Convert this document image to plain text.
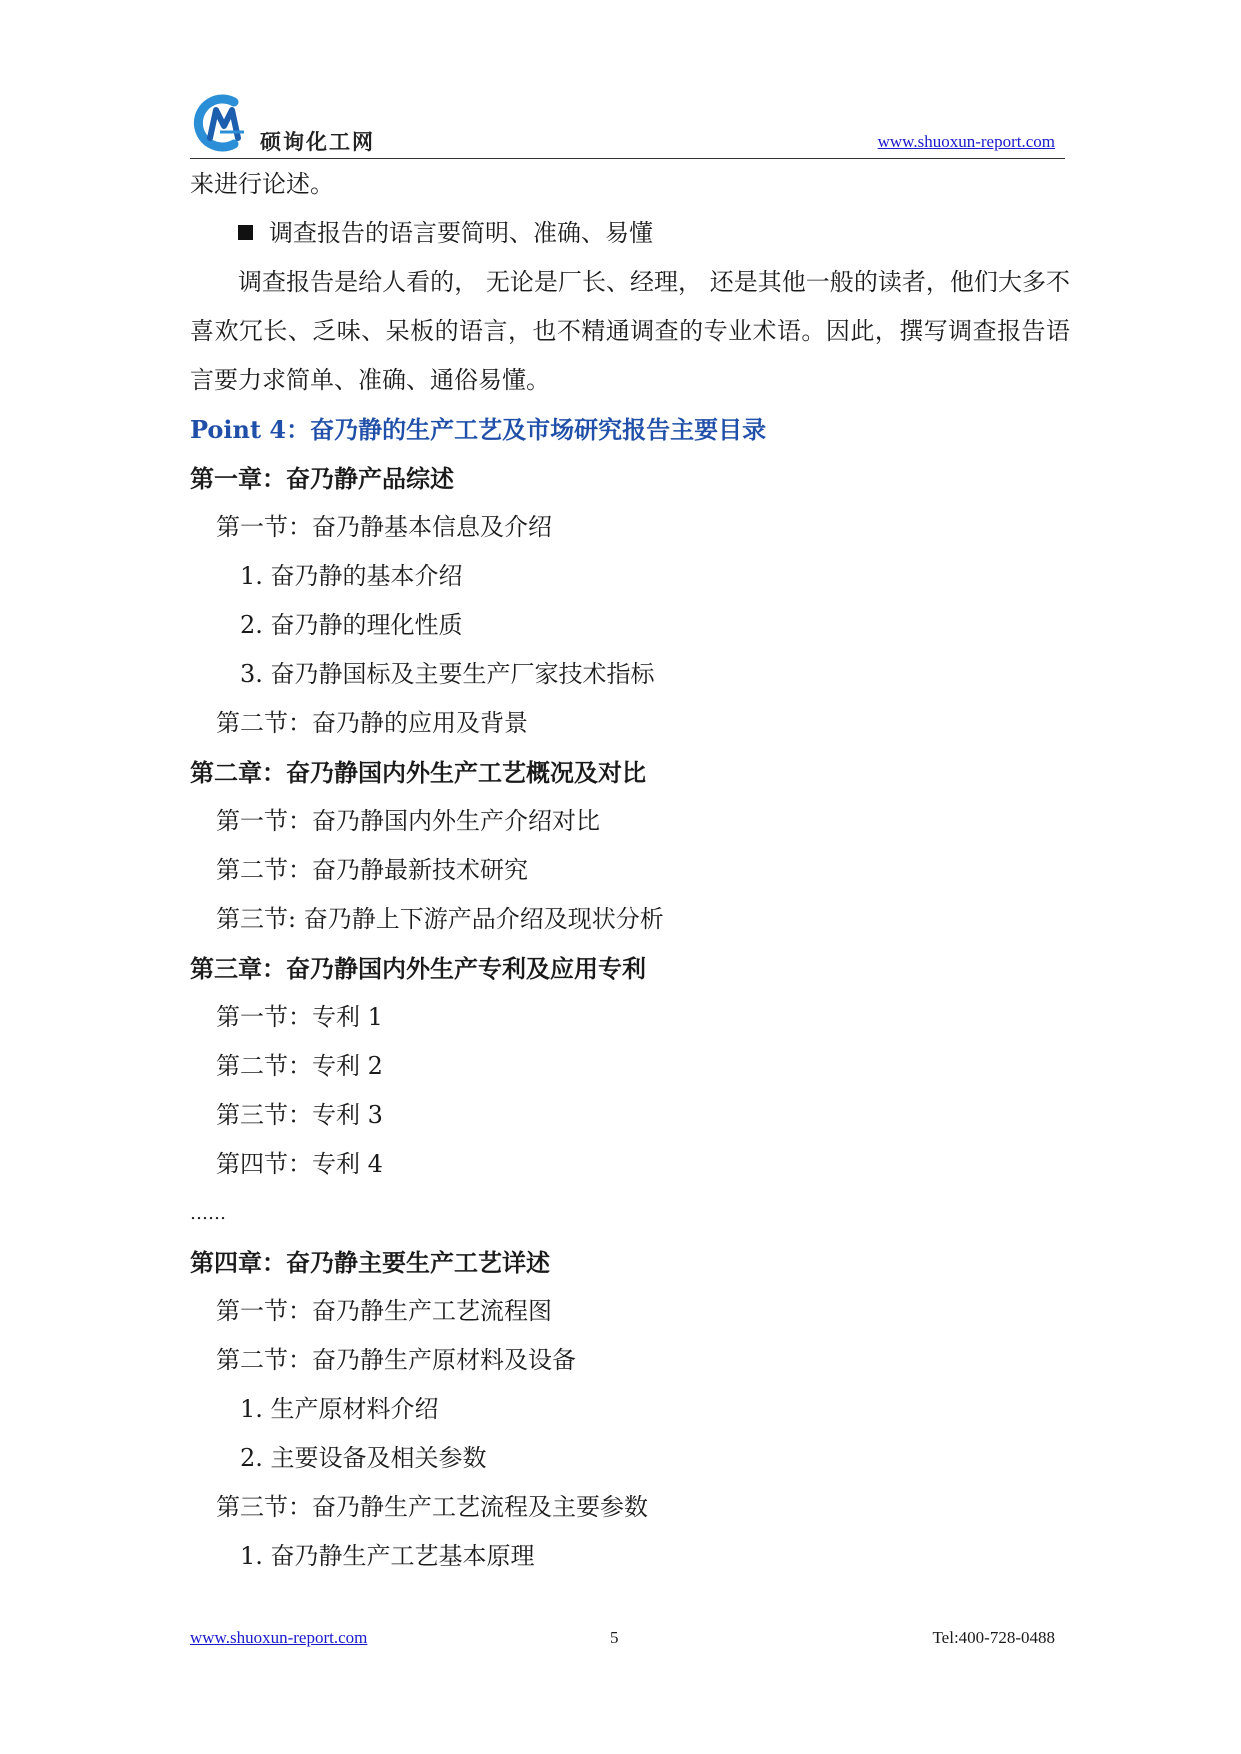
硕询化工网	www.shuoxun-report.com
来进行论述。
调查报告的语言要简明、准确、易懂
调查报告是给人看的， 无论是厂长、经理， 还是其他一般的读者，他们大多不喜欢冗长、乏味、呆板的语言，也不精通调查的专业术语。因此，撰写调查报告语言要力求简单、准确、通俗易懂。
Point 4：奋乃静的生产工艺及市场研究报告主要目录
第一章：奋乃静产品综述
第一节：奋乃静基本信息及介绍
1. 奋乃静的基本介绍
2. 奋乃静的理化性质
3. 奋乃静国标及主要生产厂家技术指标
第二节：奋乃静的应用及背景
第二章：奋乃静国内外生产工艺概况及对比
第一节：奋乃静国内外生产介绍对比
第二节：奋乃静最新技术研究
第三节: 奋乃静上下游产品介绍及现状分析
第三章：奋乃静国内外生产专利及应用专利
第一节：专利 1
第二节：专利 2
第三节：专利 3
第四节：专利 4
……
第四章：奋乃静主要生产工艺详述
第一节：奋乃静生产工艺流程图
第二节：奋乃静生产原材料及设备
1. 生产原材料介绍
2. 主要设备及相关参数
第三节：奋乃静生产工艺流程及主要参数
1. 奋乃静生产工艺基本原理
www.shuoxun-report.com	5	Tel:400-728-0488
